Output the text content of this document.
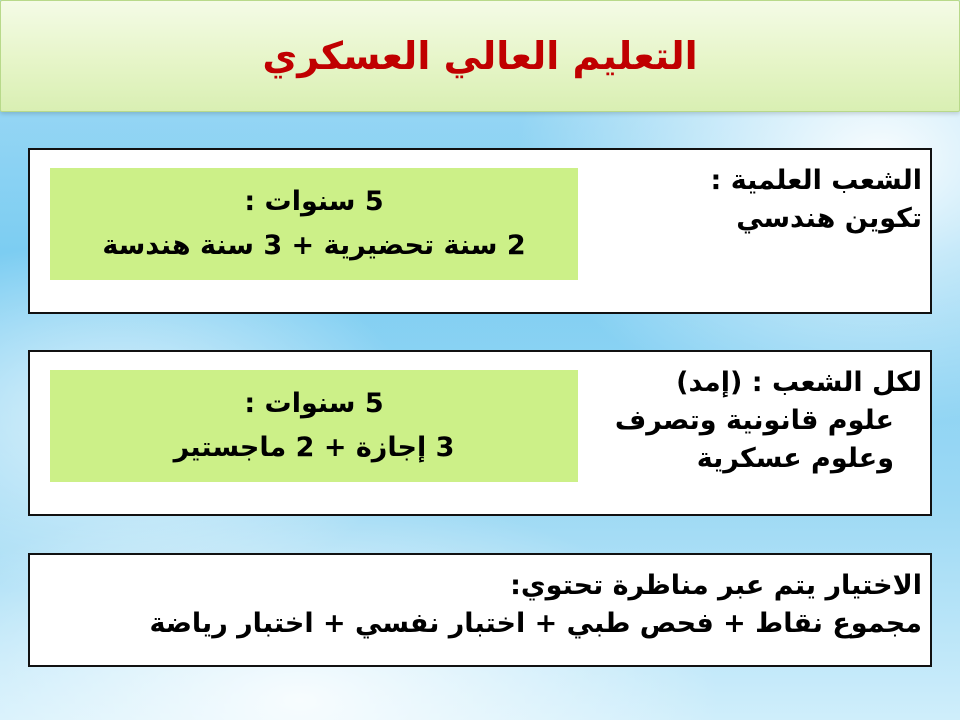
التعليم العالي العسكري
الشعب العلمية :
تكوين هندسي
5 سنوات :
2 سنة تحضيرية + 3 سنة هندسة
لكل الشعب : (إمد)
علوم قانونية وتصرف
وعلوم عسكرية
5 سنوات :
3 إجازة + 2 ماجستير
الاختيار يتم عبر مناظرة تحتوي:
مجموع نقاط + فحص طبي + اختبار نفسي + اختبار رياضة
